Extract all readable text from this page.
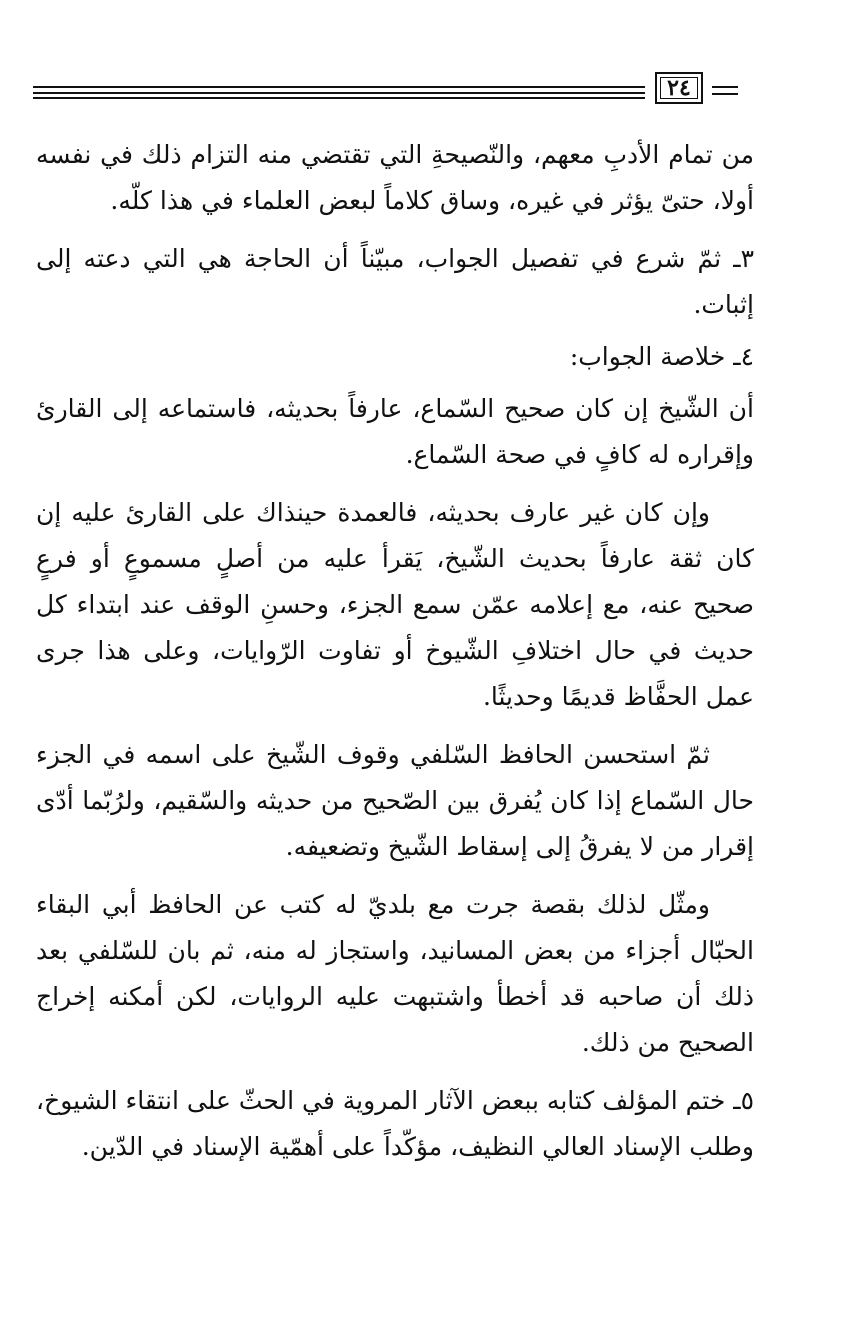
٢٤

من تمام الأدبِ معهم، والنّصيحةِ التي تقتضي منه التزام ذلك في نفسه أولا، حتىّ يؤثر في غيره، وساق كلاماً لبعض العلماء في هذا كلّه.

٣ـ ثمّ شرع في تفصيل الجواب، مبيّناً أن الحاجة هي التي دعته إلى إثبات.

٤ـ خلاصة الجواب:

أن الشّيخ إن كان صحيح السّماع، عارفاً بحديثه، فاستماعه إلى القارئ وإقراره له كافٍ في صحة السّماع.

وإن كان غير عارف بحديثه، فالعمدة حينذاك على القارئ عليه إن كان ثقة عارفاً بحديث الشّيخ، يَقرأ عليه من أصلٍ مسموعٍ أو فرعٍ صحيح عنه، مع إعلامه عمّن سمع الجزء، وحسنِ الوقف عند ابتداء كل حديث في حال اختلافِ الشّيوخ أو تفاوت الرّوايات، وعلى هذا جرى عمل الحفَّاظ قديمًا وحديثًا.

ثمّ استحسن الحافظ السّلفي وقوف الشّيخ على اسمه في الجزء حال السّماع إذا كان يُفرق بين الصّحيح من حديثه والسّقيم، ولرُبّما أدّى إقرار من لا يفرقُ إلى إسقاط الشّيخ وتضعيفه.

ومثّل لذلك بقصة جرت مع بلديّ له كتب عن الحافظ أبي البقاء الحبّال أجزاء من بعض المسانيد، واستجاز له منه، ثم بان للسّلفي بعد ذلك أن صاحبه قد أخطأ واشتبهت عليه الروايات، لكن أمكنه إخراج الصحيح من ذلك.

٥ـ ختم المؤلف كتابه ببعض الآثار المروية في الحثّ على انتقاء الشيوخ، وطلب الإسناد العالي النظيف، مؤكّداً على أهمّية الإسناد في الدّين.
